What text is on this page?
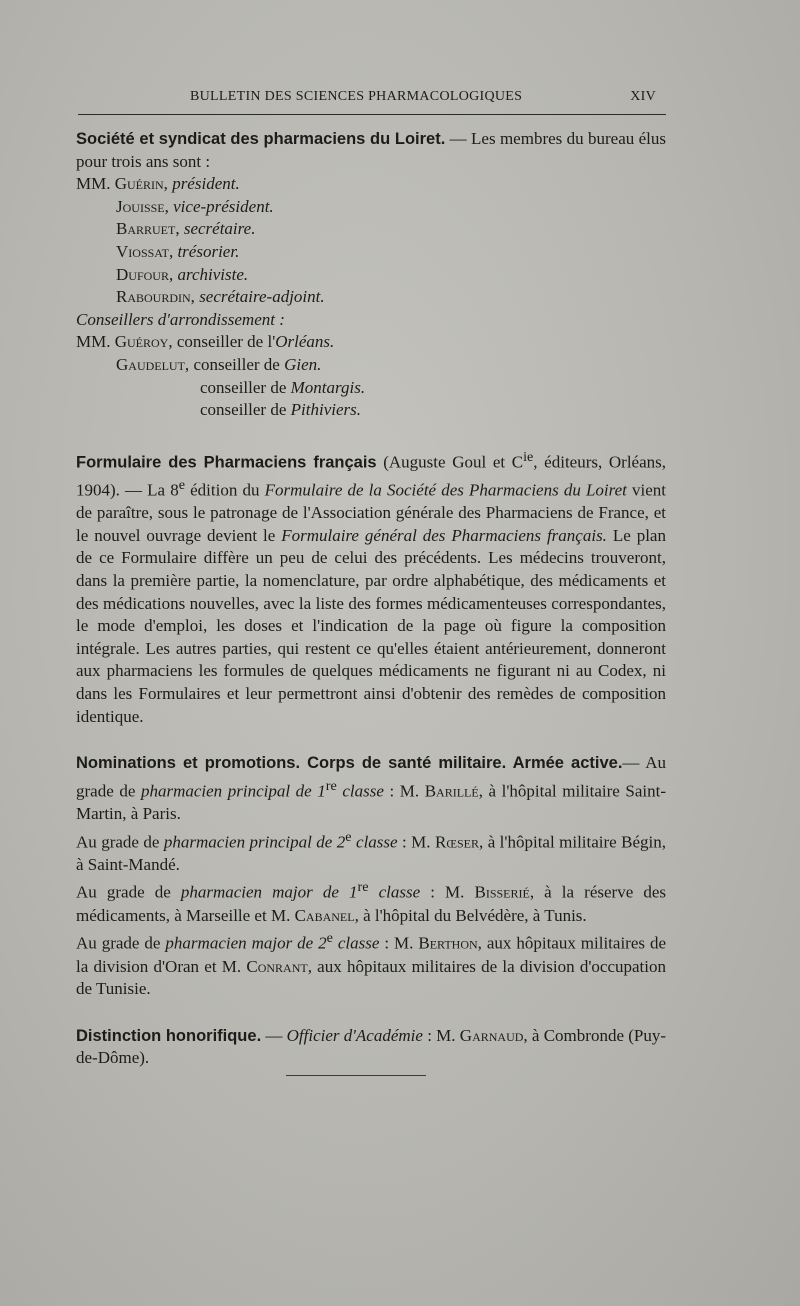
BULLETIN DES SCIENCES PHARMACOLOGIQUES	XIV

Société et syndicat des pharmaciens du Loiret. — Les membres du bureau élus pour trois ans sont :

MM. Guérin, président.
Jouisse, vice-président.
Barruet, secrétaire.
Viossat, trésorier.
Dufour, archiviste.
Rabourdin, secrétaire-adjoint.
Conseillers d'arrondissement :
MM. Guéroy, conseiller de l'Orléans.
Gaudelut, conseiller de Gien.
conseiller de Montargis.
conseiller de Pithiviers.

Formulaire des Pharmaciens français (Auguste Goul et $C^{ie}$, éditeurs, Orléans, 1904). — La 8e édition du Formulaire de la Société des Pharmaciens du Loiret vient de paraître, sous le patronage de l'Association générale des Pharmaciens de France, et le nouvel ouvrage devient le Formulaire général des Pharmaciens français. Le plan de ce Formulaire diffère un peu de celui des précédents. Les médecins trouveront, dans la première partie, la nomenclature, par ordre alphabétique, des médicaments et des médications nouvelles, avec la liste des formes médicamenteuses correspondantes, le mode d'emploi, les doses et l'indication de la page où figure la composition intégrale. Les autres parties, qui restent ce qu'elles étaient antérieurement, donneront aux pharmaciens les formules de quelques médicaments ne figurant ni au Codex, ni dans les Formulaires et leur permettront ainsi d'obtenir des remèdes de composition identique.

Nominations et promotions. Corps de santé militaire. Armée active.— Au grade de pharmacien principal de 1re classe : M. Barillé, à l'hôpital militaire Saint-Martin, à Paris.

Au grade de pharmacien principal de 2e classe : M. Rœser, à l'hôpital militaire Bégin, à Saint-Mandé.

Au grade de pharmacien major de 1re classe : M. Bisserié, à la réserve des médicaments, à Marseille et M. Cabanel, à l'hôpital du Belvédère, à Tunis.

Au grade de pharmacien major de 2e classe : M. Berthon, aux hôpitaux militaires de la division d'Oran et M. Conrant, aux hôpitaux militaires de la division d'occupation de Tunisie.

Distinction honorifique. — Officier d'Académie : M. Garnaud, à Combronde (Puy-de-Dôme).
